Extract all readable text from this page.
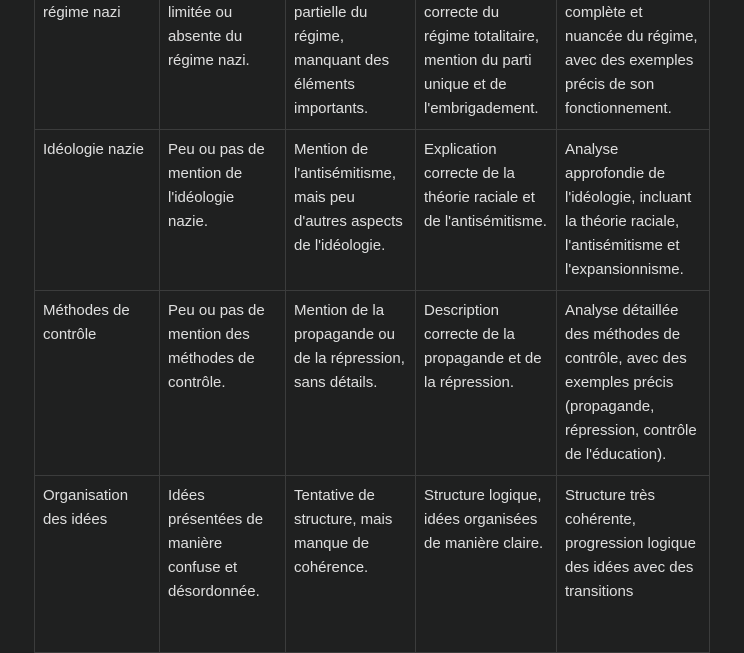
régime nazi	limitée ou absente du régime nazi.	partielle du régime, manquant des éléments importants.	correcte du régime totalitaire, mention du parti unique et de l'embrigadement.	complète et nuancée du régime, avec des exemples précis de son fonctionnement.
Idéologie nazie	Peu ou pas de mention de l'idéologie nazie.	Mention de l'antisémitisme, mais peu d'autres aspects de l'idéologie.	Explication correcte de la théorie raciale et de l'antisémitisme.	Analyse approfondie de l'idéologie, incluant la théorie raciale, l'antisémitisme et l'expansionnisme.
Méthodes de contrôle	Peu ou pas de mention des méthodes de contrôle.	Mention de la propagande ou de la répression, sans détails.	Description correcte de la propagande et de la répression.	Analyse détaillée des méthodes de contrôle, avec des exemples précis (propagande, répression, contrôle de l'éducation).
Organisation des idées	Idées présentées de manière confuse et désordonnée.	Tentative de structure, mais manque de cohérence.	Structure logique, idées organisées de manière claire.	Structure très cohérente, progression logique des idées avec des transitions
